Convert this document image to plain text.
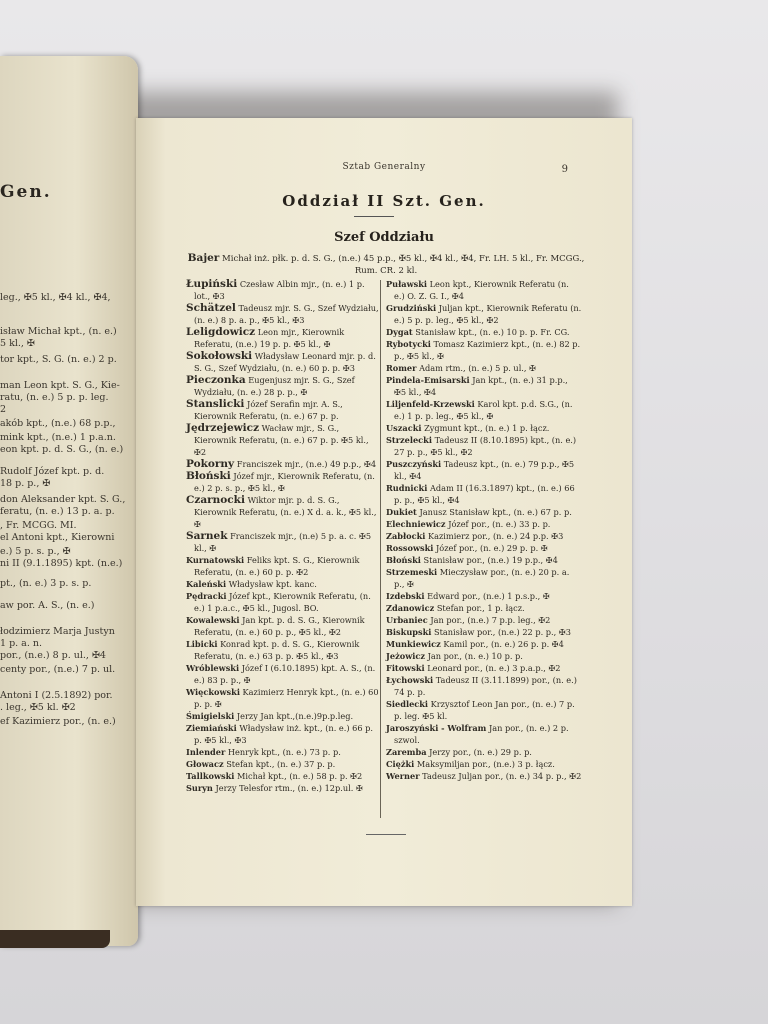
Gen.
leg., ✠5 kl., ✠4 kl., ✠4,
isław Michał kpt., (n. e.)
5 kl., ✠
tor kpt., S. G. (n. e.) 2 p.
man Leon kpt. S. G., Kie-
ratu, (n. e.) 5 p. p. leg.
2
akób kpt., (n.e.) 68 p.p.,
mink kpt., (n.e.) 1 p.a.n.
eon kpt. p. d. S. G., (n. e.)
Rudolf Józef kpt. p. d.
18 p. p., ✠
don Aleksander kpt. S. G.,
feratu, (n. e.) 13 p. a. p.
, Fr. MCGG. MI.
el Antoni kpt., Kierowni
e.) 5 p. s. p., ✠
ni II (9.1.1895) kpt. (n.e.)
pt., (n. e.) 3 p. s. p.
aw por. A. S., (n. e.)
łodzimierz Marja Justyn
1 p. a. n.
por., (n.e.) 8 p. ul., ✠4
centy por., (n.e.) 7 p. ul.
Antoni I (2.5.1892) por.
. leg., ✠5 kl. ✠2
ef Kazimierz por., (n. e.)
Sztab Generalny	9
Oddział II Szt. Gen.
Szef Oddziału
Bajer Michał inż. płk. p. d. S. G., (n.e.) 45 p.p., ✠5 kl., ✠4 kl., ✠4, Fr. LH. 5 kl., Fr. MCGG., Rum. CR. 2 kl.
Łupiński Czesław Albin mjr., (n. e.) 1 p. lot., ✠3
Schätzel Tadeusz mjr. S. G., Szef Wydziału, (n. e.) 8 p. a. p., ✠5 kl., ✠3
Leligdowicz Leon mjr., Kierownik Referatu, (n.e.) 19 p. p. ✠5 kl., ✠
Sokołowski Władysław Leonard mjr. p. d. S. G., Szef Wydziału, (n. e.) 60 p. p. ✠3
Pieczonka Eugenjusz mjr. S. G., Szef Wydziału, (n. e.) 28 p. p., ✠
Stanslicki Józef Serafin mjr. A. S., Kierownik Referatu, (n. e.) 67 p. p.
Jędrzejewicz Wacław mjr., S. G., Kierownik Referatu, (n. e.) 67 p. p. ✠5 kl., ✠2
Pokorny Franciszek mjr., (n.e.) 49 p.p., ✠4
Błoński Józef mjr., Kierownik Referatu, (n. e.) 2 p. s. p., ✠5 kl., ✠
Czarnocki Wiktor mjr. p. d. S. G., Kierownik Referatu, (n. e.) X d. a. k., ✠5 kl., ✠
Sarnek Franciszek mjr., (n.e) 5 p. a. c. ✠5 kl., ✠
Kurnatowski Feliks kpt. S. G., Kierownik Referatu, (n. e.) 60 p. p. ✠2
Kaleński Władysław kpt. kanc.
Pędracki Józef kpt., Kierownik Referatu, (n. e.) 1 p.a.c., ✠5 kl., Jugosl. BO.
Kowalewski Jan kpt. p. d. S. G., Kierownik Referatu, (n. e.) 60 p. p., ✠5 kl., ✠2
Libicki Konrad kpt. p. d. S. G., Kierownik Referatu, (n. e.) 63 p. p. ✠5 kl., ✠3
Wróblewski Józef I (6.10.1895) kpt. A. S., (n. e.) 83 p. p., ✠
Więckowski Kazimierz Henryk kpt., (n. e.) 60 p. p. ✠
Śmigielski Jerzy Jan kpt.,(n.e.)9p.p.leg.
Ziemiański Władysław inż. kpt., (n. e.) 66 p. p. ✠5 kl., ✠3
Inlender Henryk kpt., (n. e.) 73 p. p.
Głowacz Stefan kpt., (n. e.) 37 p. p.
Tallkowski Michał kpt., (n. e.) 58 p. p. ✠2
Suryn Jerzy Telesfor rtm., (n. e.) 12p.ul. ✠
Puławski Leon kpt., Kierownik Referatu (n. e.) O. Z. G. I., ✠4
Grudziński Juljan kpt., Kierownik Referatu (n. e.) 5 p. p. leg., ✠5 kl., ✠2
Dygat Stanisław kpt., (n. e.) 10 p. p. Fr. CG.
Rybotycki Tomasz Kazimierz kpt., (n. e.) 82 p. p., ✠5 kl., ✠
Romer Adam rtm., (n. e.) 5 p. ul., ✠
Pindela-Emisarski Jan kpt., (n. e.) 31 p.p., ✠5 kl., ✠4
Liljenfeld-Krzewski Karol kpt. p.d. S.G., (n. e.) 1 p. p. leg., ✠5 kl., ✠
Uszacki Zygmunt kpt., (n. e.) 1 p. łącz.
Strzelecki Tadeusz II (8.10.1895) kpt., (n. e.) 27 p. p., ✠5 kl., ✠2
Puszczyński Tadeusz kpt., (n. e.) 79 p.p., ✠5 kl., ✠4
Rudnicki Adam II (16.3.1897) kpt., (n. e.) 66 p. p., ✠5 kl., ✠4
Dukiet Janusz Stanisław kpt., (n. e.) 67 p. p.
Elechniewicz Józef por., (n. e.) 33 p. p.
Zabłocki Kazimierz por., (n. e.) 24 p.p. ✠3
Rossowski Józef por., (n. e.) 29 p. p. ✠
Błoński Stanisław por., (n.e.) 19 p.p., ✠4
Strzemeski Mieczysław por., (n. e.) 20 p. a. p., ✠
Izdebski Edward por., (n.e.) 1 p.s.p., ✠
Zdanowicz Stefan por., 1 p. łącz.
Urbaniec Jan por., (n.e.) 7 p.p. leg., ✠2
Biskupski Stanisław por., (n.e.) 22 p. p., ✠3
Munkiewicz Kamil por., (n. e.) 26 p. p. ✠4
Jeżowicz Jan por., (n. e.) 10 p. p.
Fitowski Leonard por., (n. e.) 3 p.a.p., ✠2
Łychowski Tadeusz II (3.11.1899) por., (n. e.) 74 p. p.
Siedlecki Krzysztof Leon Jan por., (n. e.) 7 p. p. leg. ✠5 kl.
Jaroszyński - Wolfram Jan por., (n. e.) 2 p. szwol.
Zaremba Jerzy por., (n. e.) 29 p. p.
Ciężki Maksymiljan por., (n.e.) 3 p. łącz.
Werner Tadeusz Juljan por., (n. e.) 34 p. p., ✠2
